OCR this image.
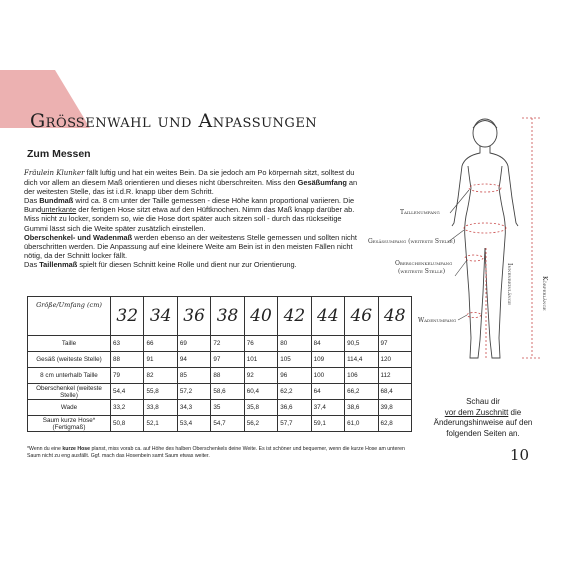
Größenwahl und Anpassungen
Zum Messen

Fräulein Klunker fällt luftig und hat ein weites Bein. Da sie jedoch am Po körpernah sitzt, solltest du dich vor allem an diesem Maß orientieren und dieses nicht überschreiten. Miss den Gesäßumfang an der weitesten Stelle, das ist i.d.R. knapp über dem Schritt.

Das Bundmaß wird ca. 8 cm unter der Taille gemessen - diese Höhe kann proportional variieren. Die Bundunterkante der fertigen Hose sitzt etwa auf den Hüftknochen. Nimm das Maß knapp darüber ab. Miss nicht zu locker, sondern so, wie die Hose dort später auch sitzen soll - durch das rückseitige Gummi lässt sich die Weite später zusätzlich einstellen.

Oberschenkel- und Wadenmaß werden ebenso an der weitestens Stelle gemessen und sollten nicht überschritten werden. Die Anpassung auf eine kleinere Weite am Bein ist in den meisten Fällen nicht nötig, da der Schnitt locker fällt.

Das Taillenmaß spielt für diesen Schnitt keine Rolle und dient nur zur Orientierung.

Größe/Umfang (cm)	32	34	36	38	40	42	44	46	48
Taille	63	66	69	72	76	80	84	90,5	97
Gesäß (weiteste Stelle)	88	91	94	97	101	105	109	114,4	120
8 cm unterhalb Taille	79	82	85	88	92	96	100	106	112
Oberschenkel (weiteste Stelle)	54,4	55,8	57,2	58,6	60,4	62,2	64	66,2	68,4
Wade	33,2	33,8	34,3	35	35,8	36,6	37,4	38,6	39,8
Saum kurze Hose* (Fertigmaß)	50,8	52,1	53,4	54,7	56,2	57,7	59,1	61,0	62,8
*Wenn du eine kurze Hose planst, miss vorab ca. auf Höhe des halben Oberschenkels deine Weite. Es ist schöner und bequemer, wenn die kurze Hose am unteren Saum nicht zu eng ausfällt. Ggf. mach das Hosenbein samt Saum etwas weiter.
Taillenumfang
Gesäßumfang (weiteste Stelle)
Oberschenkelumfang
(weiteste Stelle)
Wadenumfang
Innenbeinlänge	Körperlänge
Schau dir
vor dem Zuschnitt die Änderungshinweise auf den folgenden Seiten an.
10
